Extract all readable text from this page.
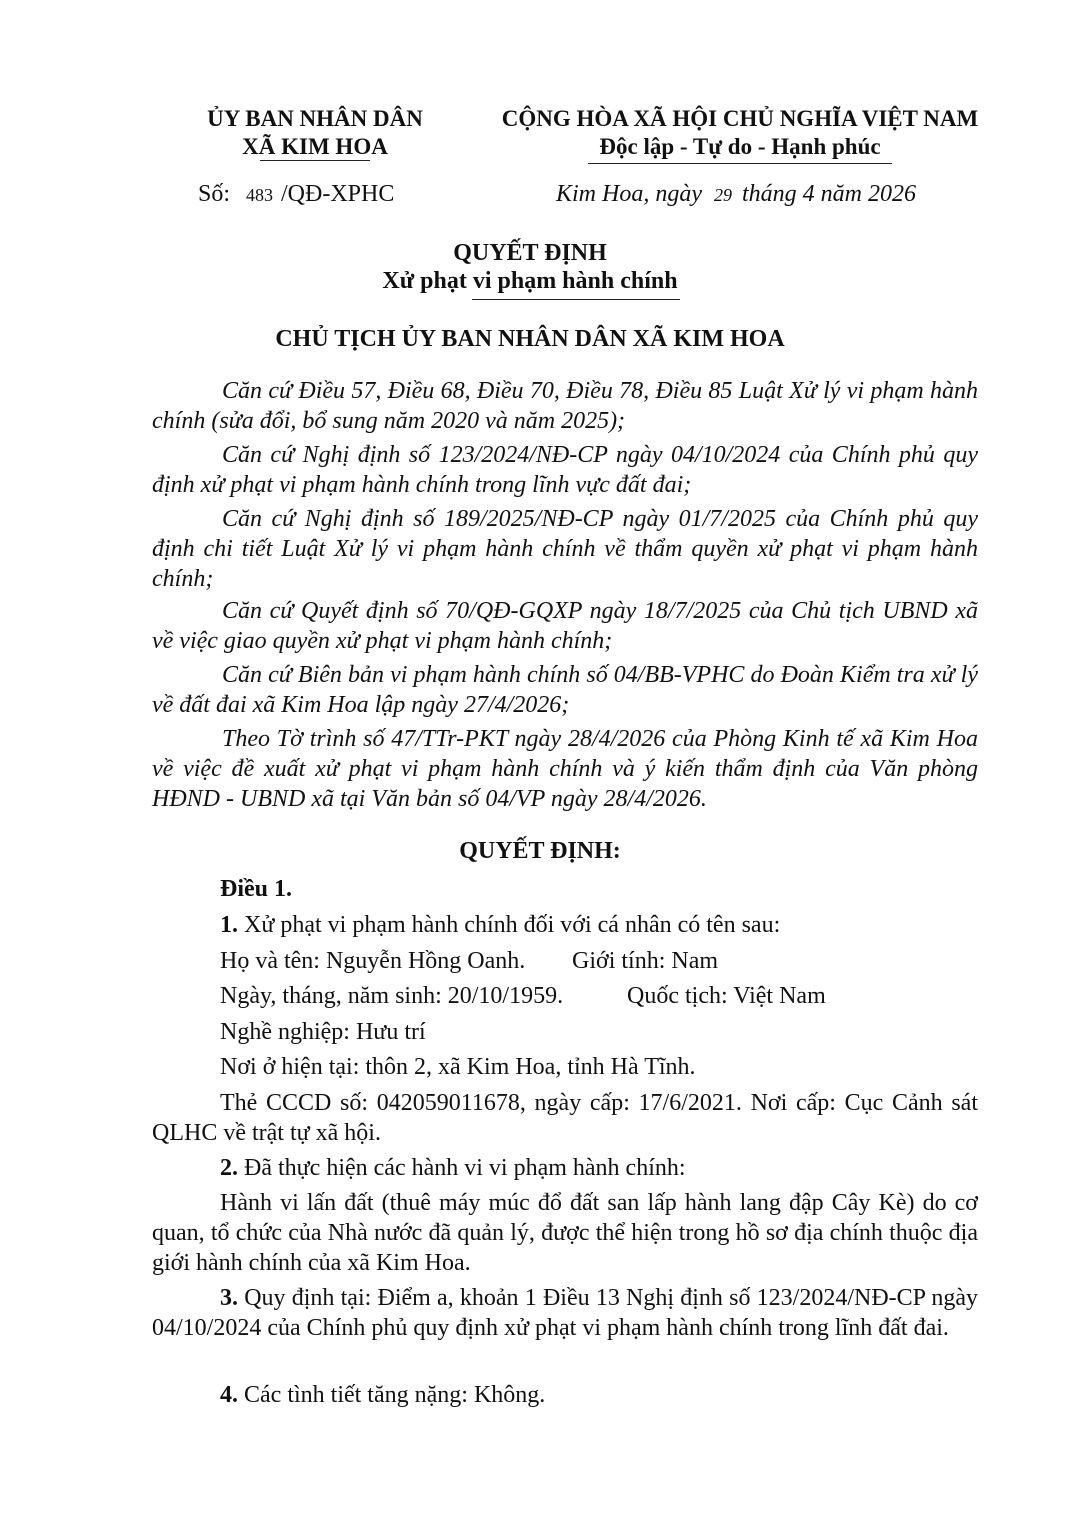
ỦY BAN NHÂN DÂN
XÃ KIM HOA
CỘNG HÒA XÃ HỘI CHỦ NGHĨA VIỆT NAM
Độc lập - Tự do - Hạnh phúc
Số: 483 /QĐ-XPHC	Kim Hoa, ngày 29 tháng 4 năm 2026
QUYẾT ĐỊNH
Xử phạt vi phạm hành chính
CHỦ TỊCH ỦY BAN NHÂN DÂN XÃ KIM HOA
Căn cứ Điều 57, Điều 68, Điều 70, Điều 78, Điều 85 Luật Xử lý vi phạm hành chính (sửa đổi, bổ sung năm 2020 và năm 2025);
Căn cứ Nghị định số 123/2024/NĐ-CP ngày 04/10/2024 của Chính phủ quy định xử phạt vi phạm hành chính trong lĩnh vực đất đai;
Căn cứ Nghị định số 189/2025/NĐ-CP ngày 01/7/2025 của Chính phủ quy định chi tiết Luật Xử lý vi phạm hành chính về thẩm quyền xử phạt vi phạm hành chính;
Căn cứ Quyết định số 70/QĐ-GQXP ngày 18/7/2025 của Chủ tịch UBND xã về việc giao quyền xử phạt vi phạm hành chính;
Căn cứ Biên bản vi phạm hành chính số 04/BB-VPHC do Đoàn Kiểm tra xử lý về đất đai xã Kim Hoa lập ngày 27/4/2026;
Theo Tờ trình số 47/TTr-PKT ngày 28/4/2026 của Phòng Kinh tế xã Kim Hoa về việc đề xuất xử phạt vi phạm hành chính và ý kiến thẩm định của Văn phòng HĐND - UBND xã tại Văn bản số 04/VP ngày 28/4/2026.
QUYẾT ĐỊNH:
Điều 1.
1. Xử phạt vi phạm hành chính đối với cá nhân có tên sau:
Họ và tên: Nguyễn Hồng Oanh. Giới tính: Nam
Ngày, tháng, năm sinh: 20/10/1959.	Quốc tịch: Việt Nam
Nghề nghiệp: Hưu trí
Nơi ở hiện tại: thôn 2, xã Kim Hoa, tỉnh Hà Tĩnh.
Thẻ CCCD số: 042059011678, ngày cấp: 17/6/2021. Nơi cấp: Cục Cảnh sát QLHC về trật tự xã hội.
2. Đã thực hiện các hành vi vi phạm hành chính:
Hành vi lấn đất (thuê máy múc đổ đất san lấp hành lang đập Cây Kè) do cơ quan, tổ chức của Nhà nước đã quản lý, được thể hiện trong hồ sơ địa chính thuộc địa giới hành chính của xã Kim Hoa.
3. Quy định tại: Điểm a, khoản 1 Điều 13 Nghị định số 123/2024/NĐ-CP ngày 04/10/2024 của Chính phủ quy định xử phạt vi phạm hành chính trong lĩnh đất đai.
4. Các tình tiết tăng nặng: Không.
